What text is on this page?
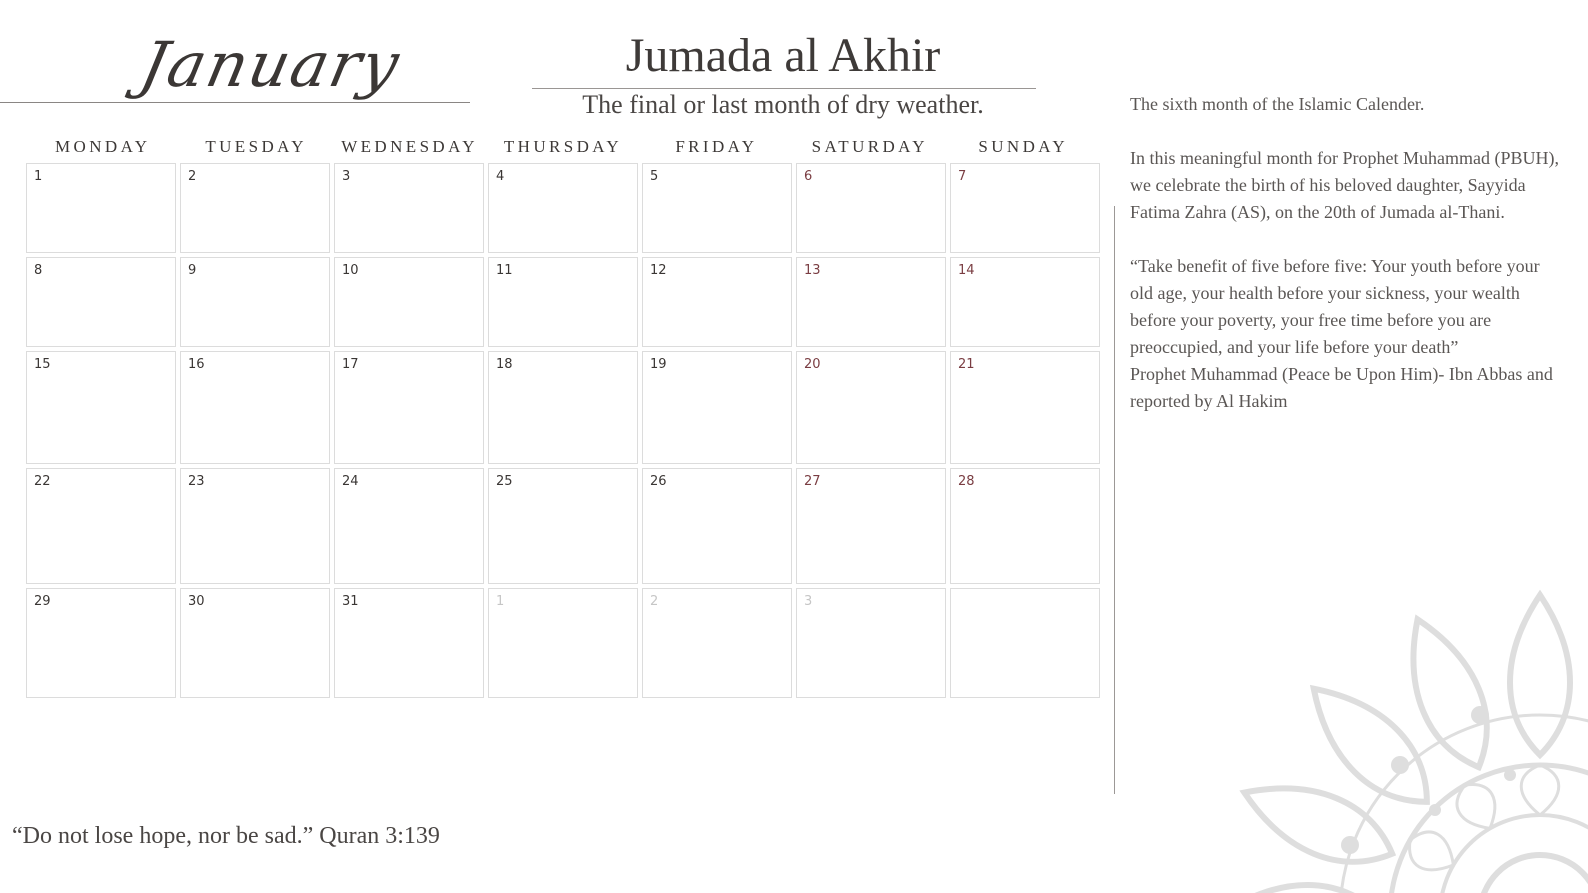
January	Jumada al Akhir
The final or last month of dry weather.
MONDAY	TUESDAY	WEDNESDAY	THURSDAY	FRIDAY	SATURDAY	SUNDAY
1	2	3	4	5	6	7
8	9	10	11	12	13	14
15	16	17	18	19	20	21
22	23	24	25	26	27	28
29	30	31	1	2	3

The sixth month of the Islamic Calender.

In this meaningful month for Prophet Muhammad (PBUH), we celebrate the birth of his beloved daughter, Sayyida Fatima Zahra (AS), on the 20th of Jumada al-Thani.

“Take benefit of five before five: Your youth before your old age, your health before your sickness, your wealth before your poverty, your free time before you are preoccupied, and your life before your death”

Prophet Muhammad (Peace be Upon Him)- Ibn Abbas and reported by Al Hakim

“Do not lose hope, nor be sad.” Quran 3:139
